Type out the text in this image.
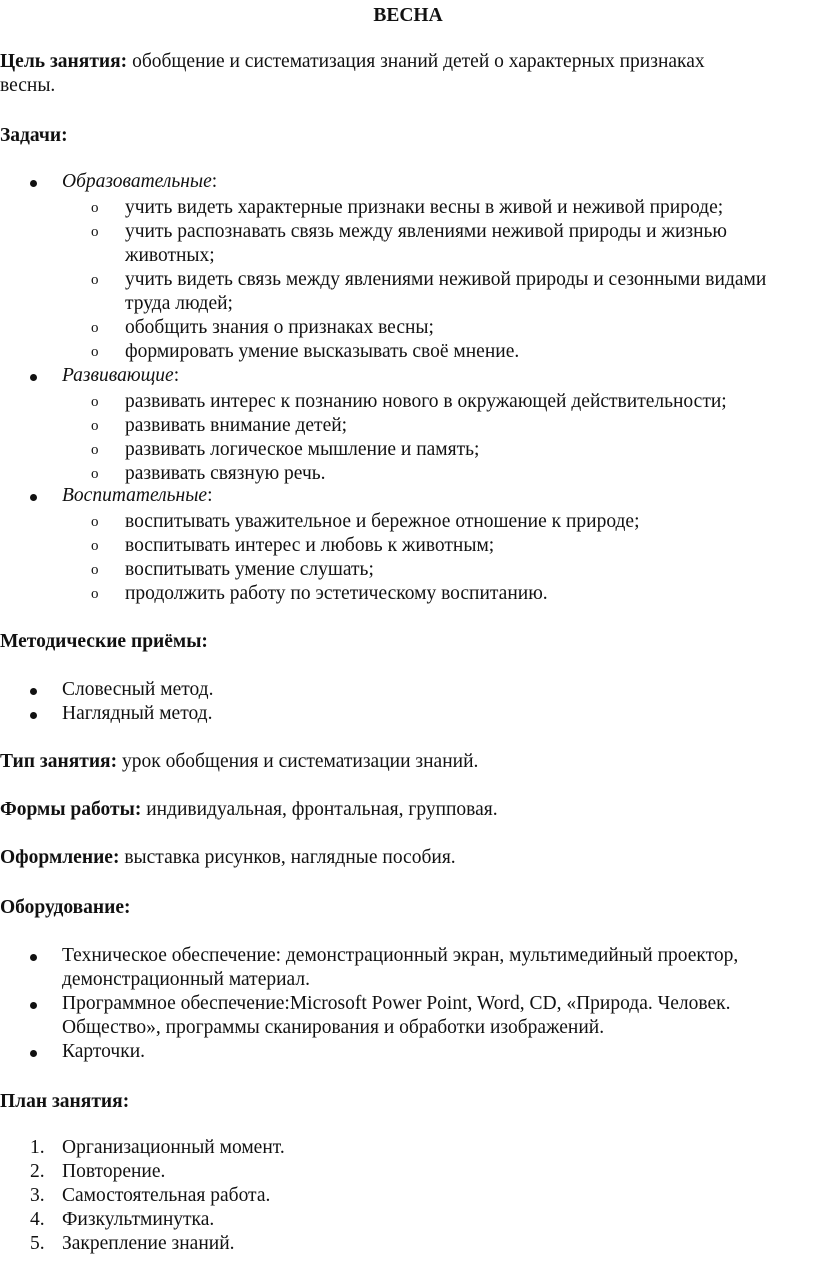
ВЕСНА
Цель занятия: обобщение и систематизация знаний детей о характерных признаках
весны.
Задачи:
Образовательные:
o учить видеть характерные признаки весны в живой и неживой природе;
o учить распознавать связь между явлениями неживой природы и жизнью
животных;
o учить видеть связь между явлениями неживой природы и сезонными видами
труда людей;
o обобщить знания о признаках весны;
o формировать умение высказывать своё мнение.
Развивающие:
o развивать интерес к познанию нового в окружающей действительности;
o развивать внимание детей;
o развивать логическое мышление и память;
o развивать связную речь.
Воспитательные:
o воспитывать уважительное и бережное отношение к природе;
o воспитывать интерес и любовь к животным;
o воспитывать умение слушать;
o продолжить работу по эстетическому воспитанию.
Методические приёмы:
Словесный метод.
Наглядный метод.
Тип занятия: урок обобщения и систематизации знаний.
Формы работы: индивидуальная, фронтальная, групповая.
Оформление: выставка рисунков, наглядные пособия.
Оборудование:
Техническое обеспечение: демонстрационный экран, мультимедийный проектор,
демонстрационный материал.
Программное обеспечение:Microsoft Power Point, Word, CD, «Природа. Человек.
Общество», программы сканирования и обработки изображений.
Карточки.
План занятия:
1. Организационный момент.
2. Повторение.
3. Самостоятельная работа.
4. Физкультминутка.
5. Закрепление знаний.
